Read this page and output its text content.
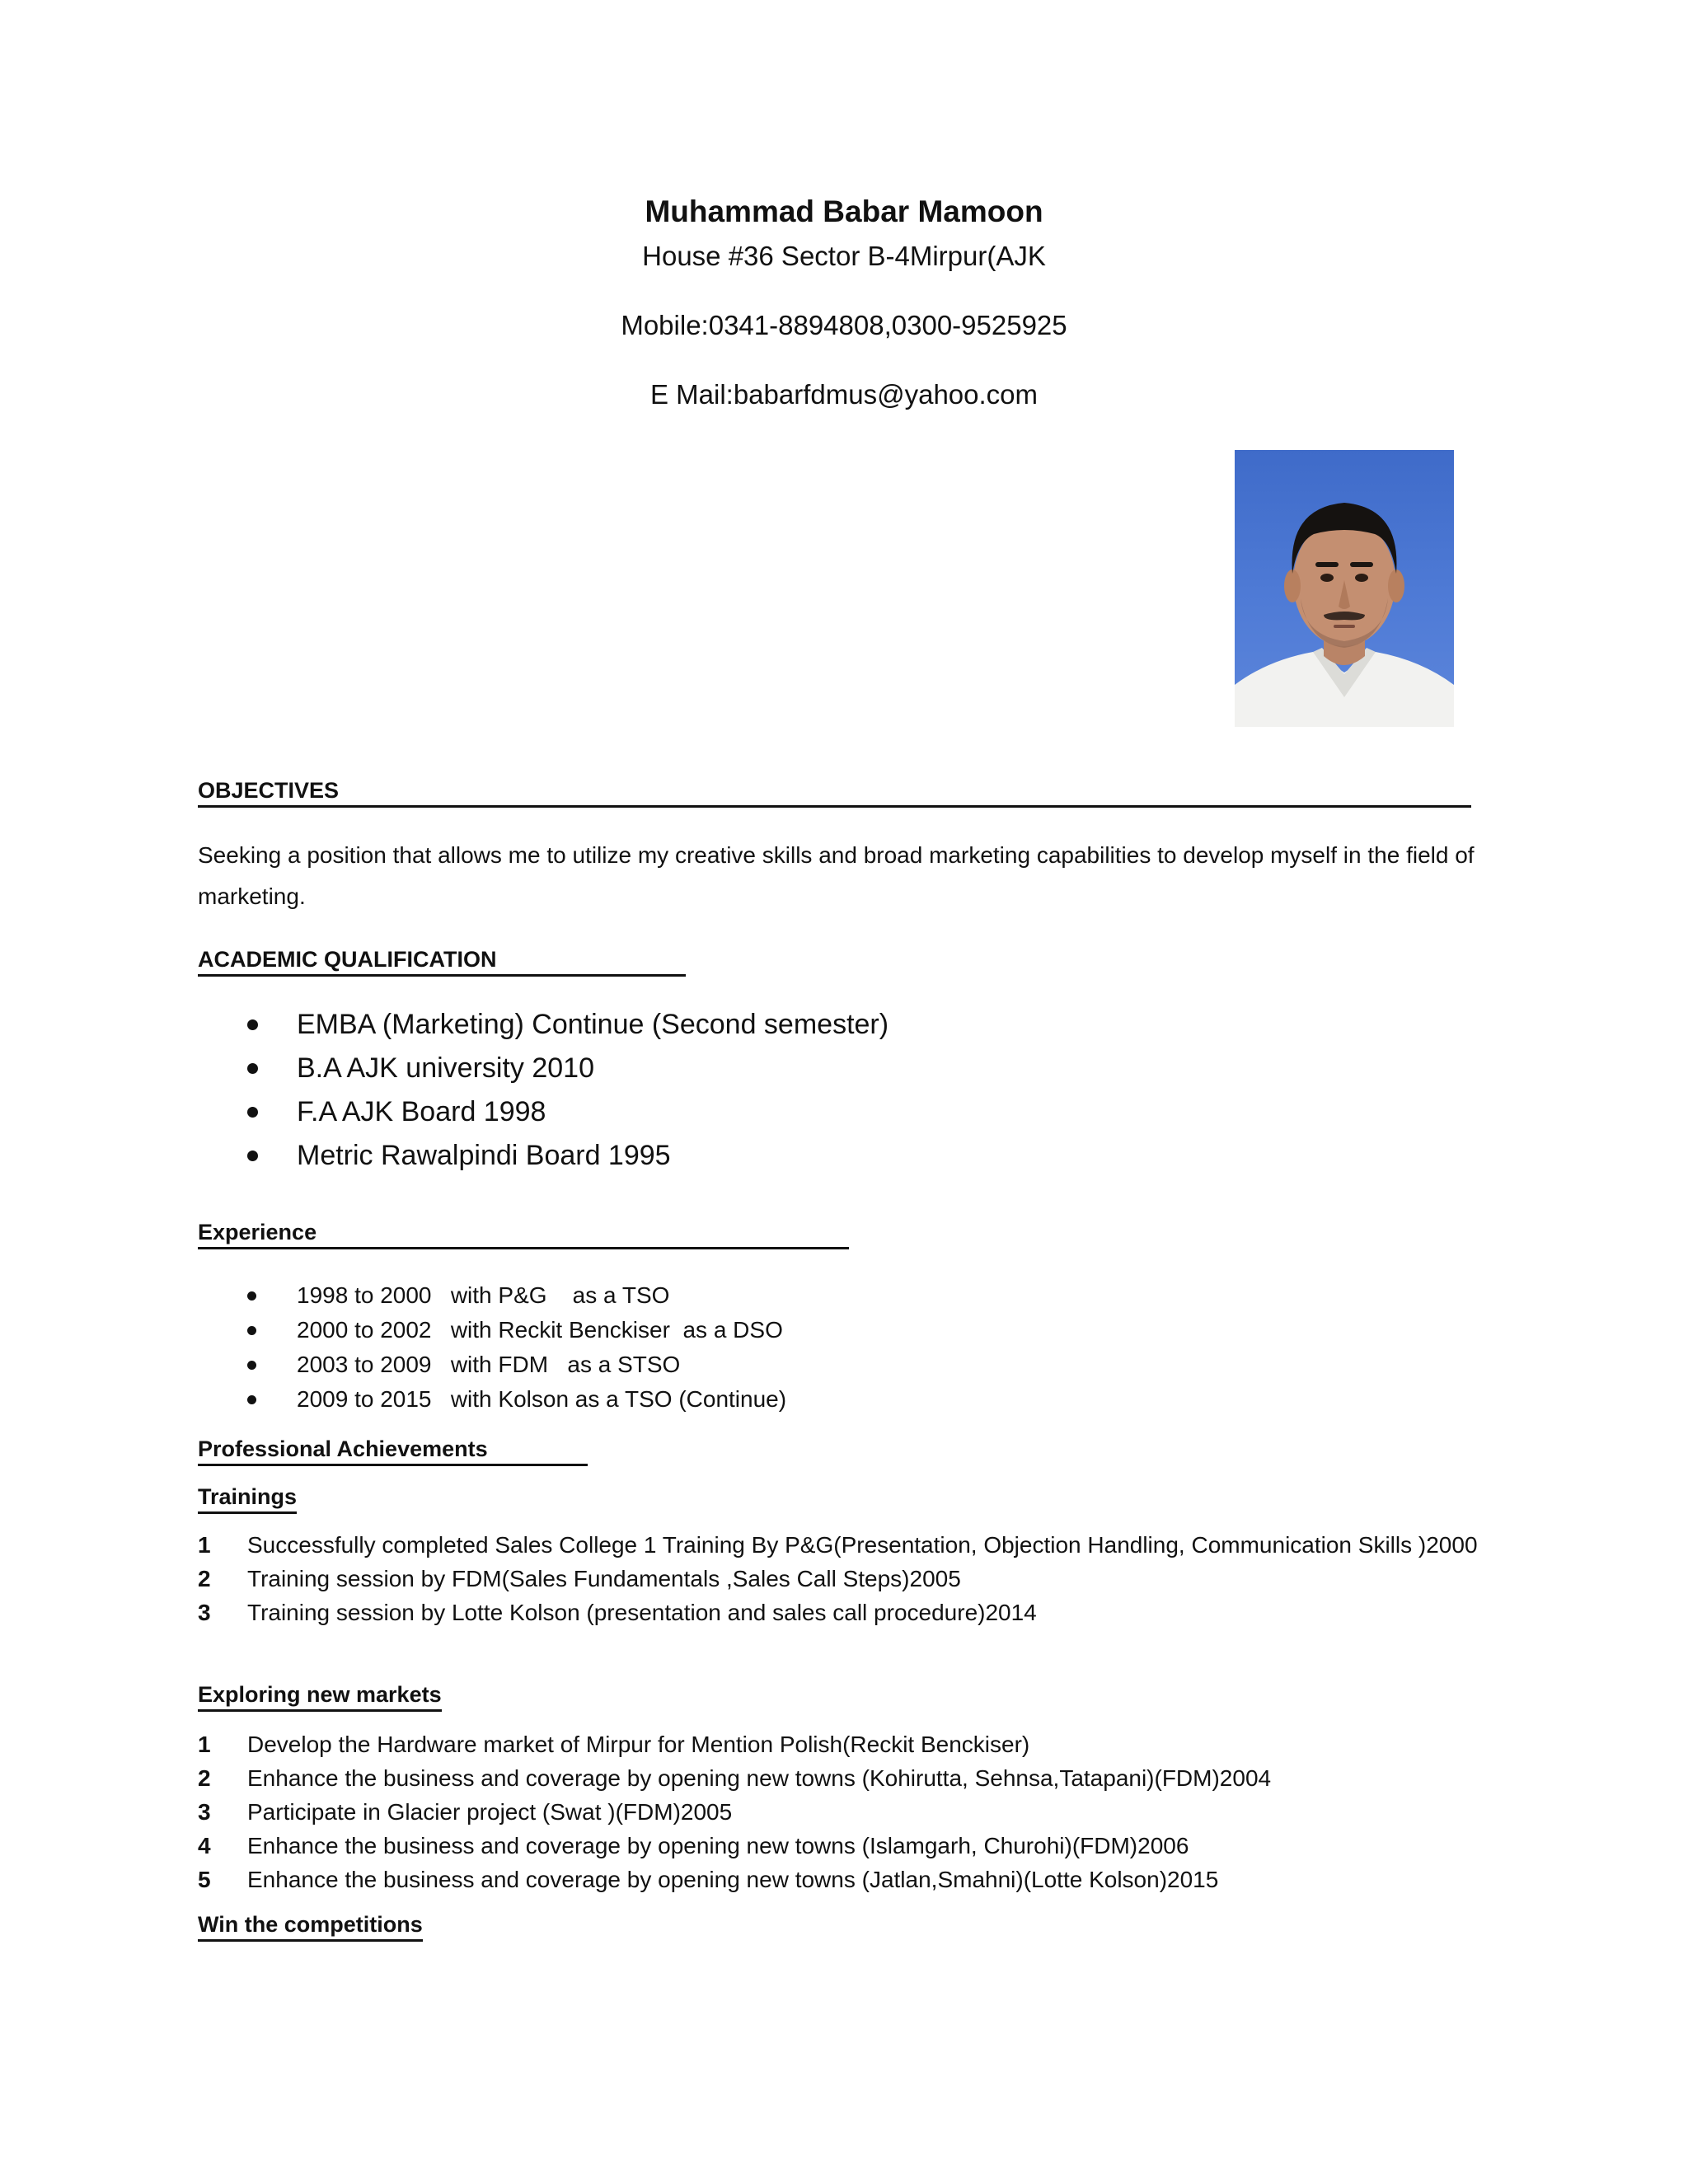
Muhammad Babar Mamoon
House #36 Sector B-4Mirpur(AJK
Mobile:0341-8894808,0300-9525925
E Mail:babarfdmus@yahoo.com
OBJECTIVES
Seeking a position that allows me to utilize my creative skills and broad marketing capabilities to develop myself in the field of marketing.
ACADEMIC QUALIFICATION
EMBA (Marketing) Continue (Second semester)
B.A AJK university 2010
F.A AJK Board 1998
Metric Rawalpindi Board 1995
Experience
1998 to 2000   with P&G    as a TSO
2000 to 2002   with Reckit Benckiser  as a DSO
2003 to 2009   with FDM   as a STSO
2009 to 2015   with Kolson as a TSO (Continue)
Professional Achievements
Trainings
1 Successfully completed Sales College 1 Training By P&G(Presentation, Objection Handling, Communication Skills )2000
2 Training session by FDM(Sales Fundamentals ,Sales Call Steps)2005
3 Training session by Lotte Kolson (presentation and sales call procedure)2014
Exploring new markets
1 Develop the Hardware market of Mirpur for Mention Polish(Reckit Benckiser)
2 Enhance the business and coverage by opening new towns (Kohirutta, Sehnsa,Tatapani)(FDM)2004
3 Participate in Glacier project (Swat )(FDM)2005
4 Enhance the business and coverage by opening new towns (Islamgarh, Churohi)(FDM)2006
5 Enhance the business and coverage by opening new towns (Jatlan,Smahni)(Lotte Kolson)2015
Win the competitions
